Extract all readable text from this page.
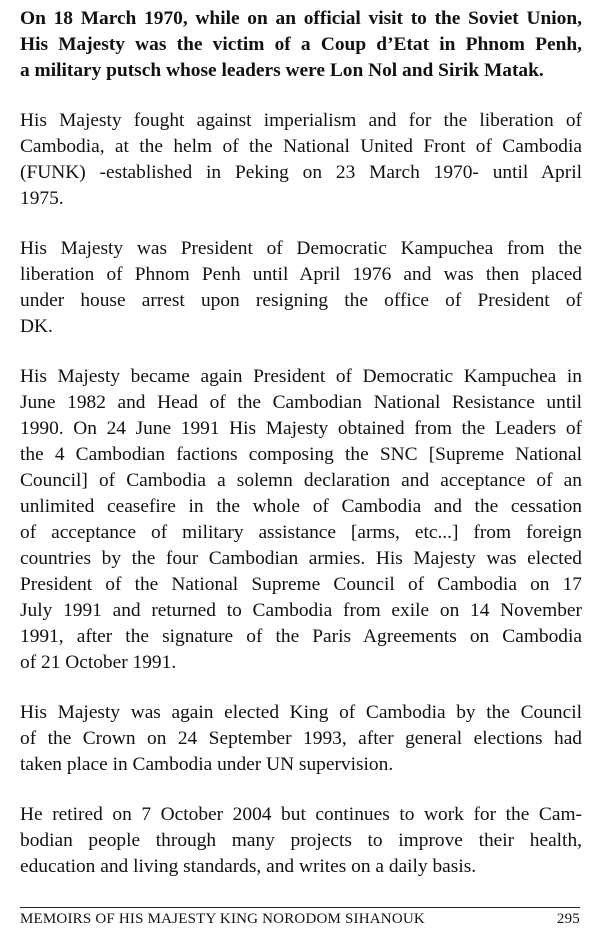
On 18 March 1970, while on an official visit to the Soviet Union,
His Majesty was the victim of a Coup d’Etat in Phnom Penh,
a military putsch whose leaders were Lon Nol and Sirik Matak.

His Majesty fought against imperialism and for the liberation of
Cambodia, at the helm of the National United Front of Cambodia
(FUNK) -established in Peking on 23 March 1970- until April
1975.

His Majesty was President of Democratic Kampuchea from the
liberation of Phnom Penh until April 1976 and was then placed
under house arrest upon resigning the office of President of
DK.

His Majesty became again President of Democratic Kampuchea in
June 1982 and Head of the Cambodian National Resistance until
1990. On 24 June 1991 His Majesty obtained from the Leaders of
the 4 Cambodian factions composing the SNC [Supreme National
Council] of Cambodia a solemn declaration and acceptance of an
unlimited ceasefire in the whole of Cambodia and the cessation
of acceptance of military assistance [arms, etc...] from foreign
countries by the four Cambodian armies. His Majesty was elected
President of the National Supreme Council of Cambodia on 17
July 1991 and returned to Cambodia from exile on 14 November
1991, after the signature of the Paris Agreements on Cambodia
of 21 October 1991.

His Majesty was again elected King of Cambodia by the Council
of the Crown on 24 September 1993, after general elections had
taken place in Cambodia under UN supervision.

He retired on 7 October 2004 but continues to work for the Cam-
bodian people through many projects to improve their health,
education and living standards, and writes on a daily basis.

MEMOIRS OF HIS MAJESTY KING NORODOM SIHANOUK	295
